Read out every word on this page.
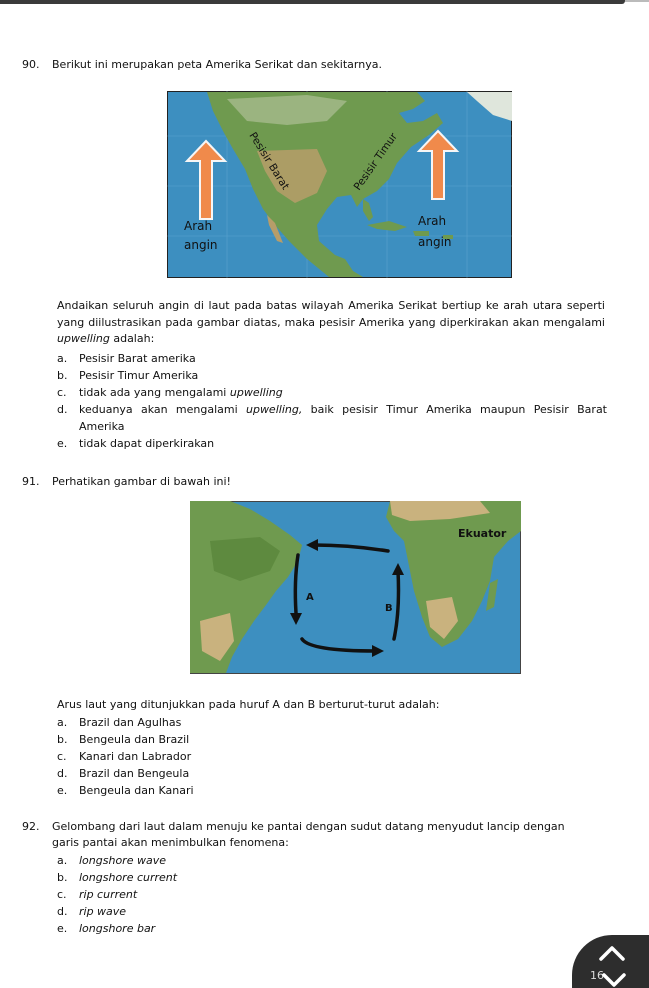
90. Berikut ini merupakan peta Amerika Serikat dan sekitarnya.
Arah
angin
Arah
angin
Pesisir Barat	Pesisir Timur
Andaikan seluruh angin di laut pada batas wilayah Amerika Serikat bertiup ke arah utara seperti yang diilustrasikan pada gambar diatas, maka pesisir Amerika yang diperkirakan akan mengalami upwelling adalah:
a.	Pesisir Barat amerika
b.	Pesisir Timur Amerika
c.	tidak ada yang mengalami upwelling
d.	keduanya akan mengalami upwelling, baik pesisir Timur Amerika maupun Pesisir Barat Amerika
e.	tidak dapat diperkirakan
91. Perhatikan gambar di bawah ini!
Ekuator
A
B
Arus laut yang ditunjukkan pada huruf A dan B berturut-turut adalah:
a.	Brazil dan Agulhas
b.	Bengeula dan Brazil
c.	Kanari dan Labrador
d.	Brazil dan Bengeula
e.	Bengeula dan Kanari
92.	Gelombang dari laut dalam menuju ke pantai dengan sudut datang menyudut lancip dengan garis pantai akan menimbulkan fenomena:
a.	longshore wave
b.	longshore current
c.	rip current
d.	rip wave
e.	longshore bar
16
